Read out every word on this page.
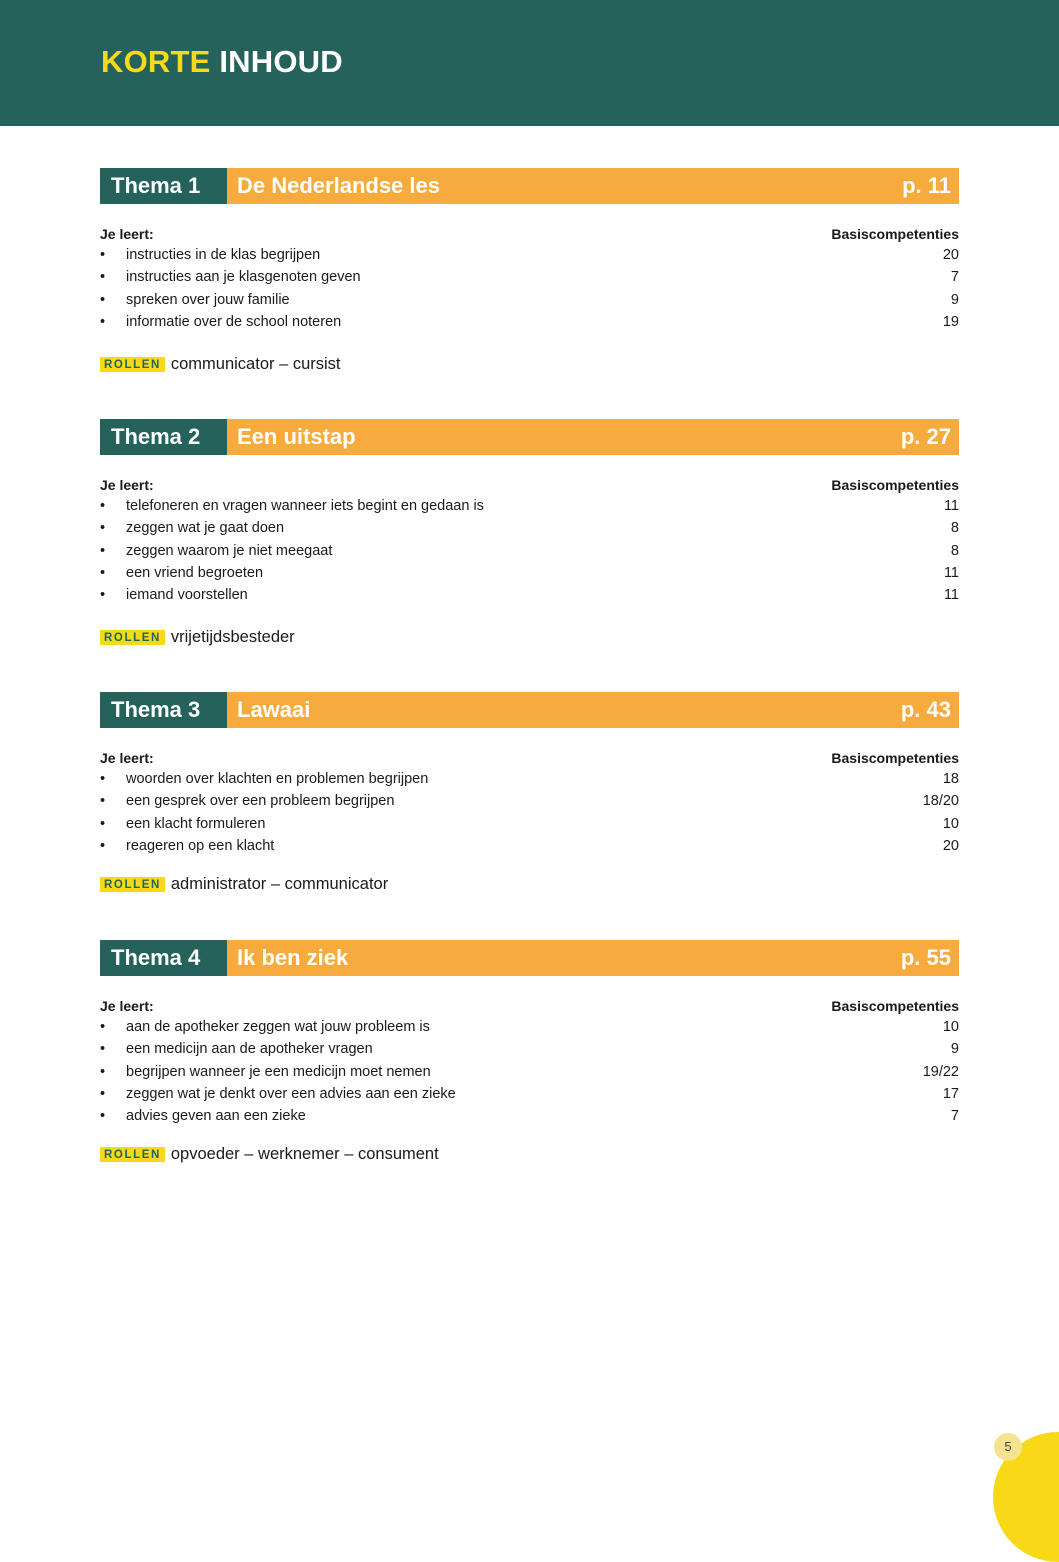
KORTE INHOUD
Thema 1	De Nederlandse les	p. 11
Je leert:	Basiscompetenties
•	instructies in de klas begrijpen	20
•	instructies aan je klasgenoten geven	7
•	spreken over jouw familie	9
•	informatie over de school noteren	19
ROLLEN communicator – cursist
Thema 2	Een uitstap	p. 27
Je leert:	Basiscompetenties
•	telefoneren en vragen wanneer iets begint en gedaan is	11
•	zeggen wat je gaat doen	8
•	zeggen waarom je niet meegaat	8
•	een vriend begroeten	11
•	iemand voorstellen	11
ROLLEN vrijetijdsbesteder
Thema 3	Lawaai	p. 43
Je leert:	Basiscompetenties
•	woorden over klachten en problemen begrijpen	18
•	een gesprek over een probleem begrijpen	18/20
•	een klacht formuleren	10
•	reageren op een klacht	20
ROLLEN administrator – communicator
Thema 4	Ik ben ziek	p. 55
Je leert:	Basiscompetenties
•	aan de apotheker zeggen wat jouw probleem is	10
•	een medicijn aan de apotheker vragen	9
•	begrijpen wanneer je een medicijn moet nemen	19/22
•	zeggen wat je denkt over een advies aan een zieke	17
•	advies geven aan een zieke	7
ROLLEN opvoeder – werknemer – consument
5
